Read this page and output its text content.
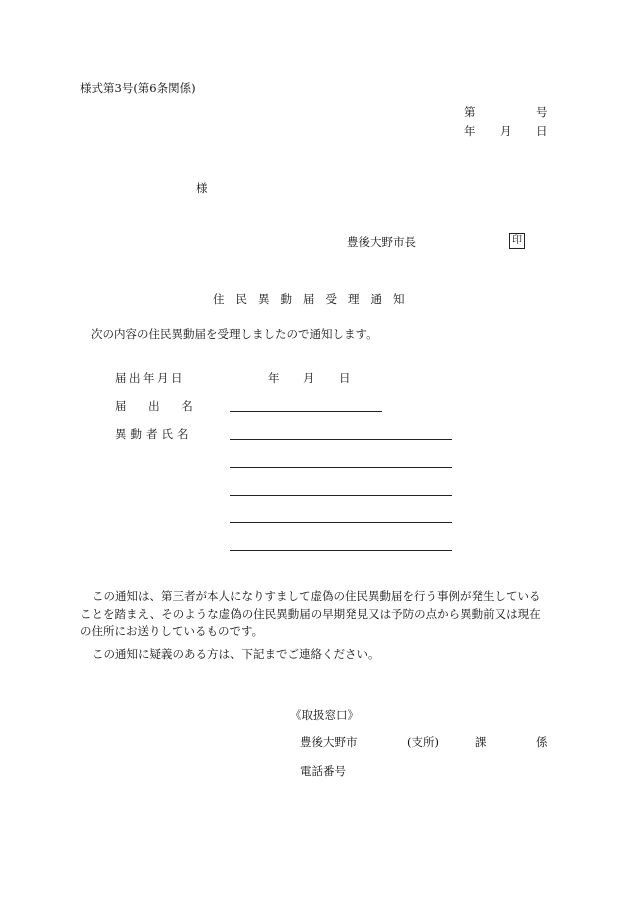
様式第3号(第6条関係)
第	号
年 月 日
様
豊後大野市長	印
住民異動届受理通知
次の内容の住民異動届を受理しましたので通知します。
届出年月日	年 月 日
届 出 名
異動者氏名

この通知は、第三者が本人になりすまして虚偽の住民異動届を行う事例が発生している

ことを踏まえ、そのような虚偽の住民異動届の早期発見又は予防の点から異動前又は現在

の住所にお送りしているものです。

この通知に疑義のある方は、下記までご連絡ください。

《取扱窓口》
豊後大野市	(支所)	課	係
電話番号
